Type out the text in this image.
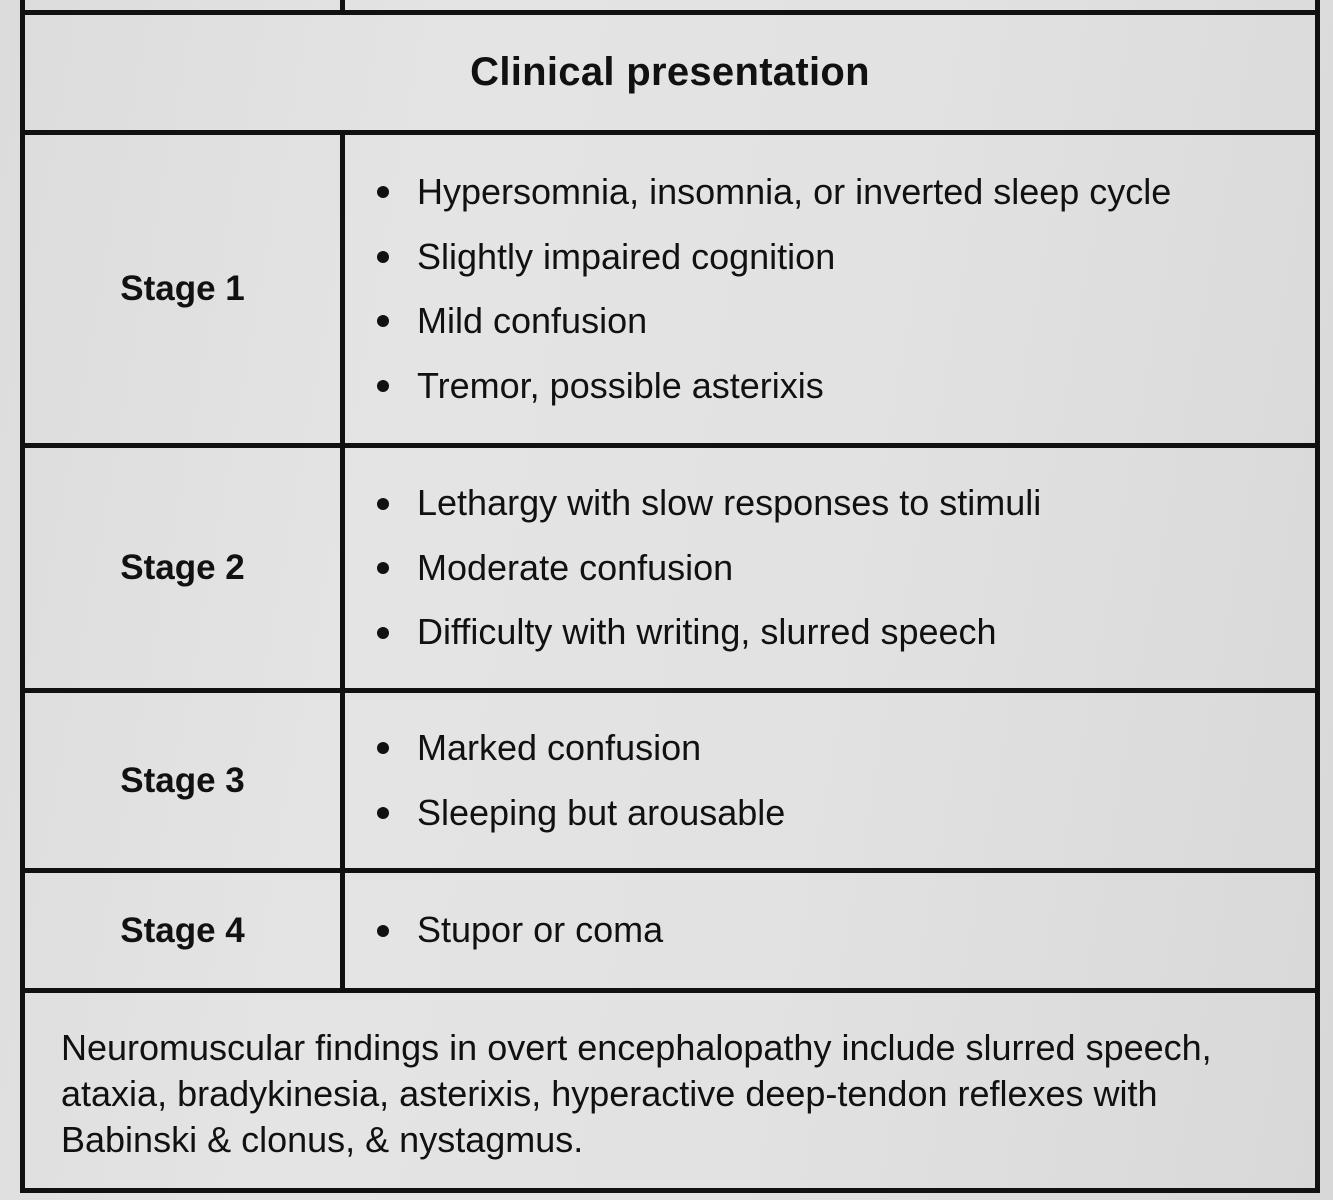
Clinical presentation
Stage 1
Hypersomnia, insomnia, or inverted sleep cycle
Slightly impaired cognition
Mild confusion
Tremor, possible asterixis
Stage 2
Lethargy with slow responses to stimuli
Moderate confusion
Difficulty with writing, slurred speech
Stage 3
Marked confusion
Sleeping but arousable
Stage 4	Stupor or coma

Neuromuscular findings in overt encephalopathy include slurred speech, ataxia, bradykinesia, asterixis, hyperactive deep-tendon reflexes with Babinski & clonus, & nystagmus.
